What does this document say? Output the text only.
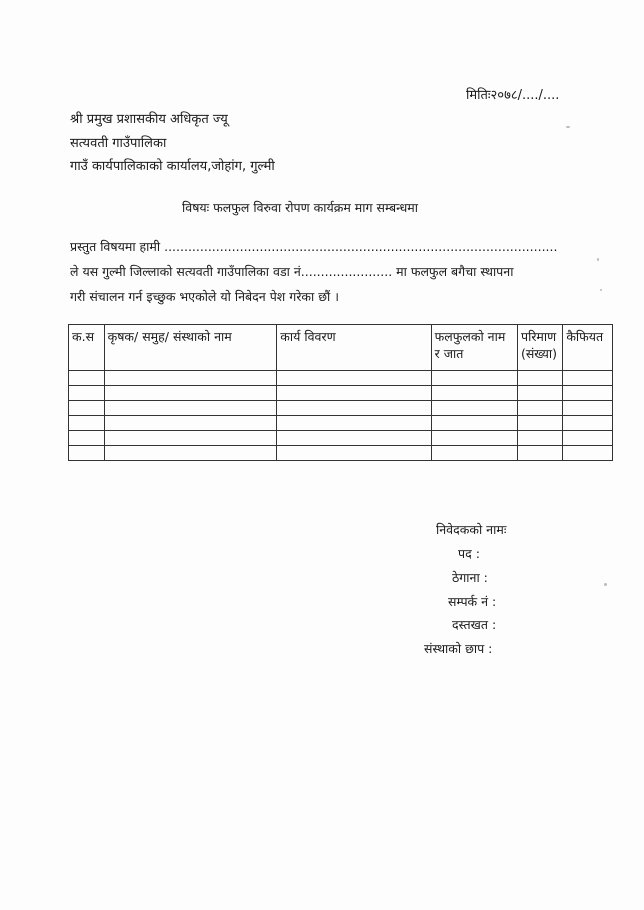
मितिः२०७८/..../....
श्री प्रमुख प्रशासकीय अधिकृत ज्यू
सत्यवती गाउँपालिका
गाउँ कार्यपालिकाको कार्यालय,जोहांग, गुल्मी
विषयः फलफुल विरुवा रोपण कार्यक्रम माग सम्बन्धमा
प्रस्तुत विषयमा हामी ...................................................................................................
ले यस गुल्मी जिल्लाको सत्यवती गाउँपालिका वडा नं....................... मा फलफुल बगैचा स्थापना
गरी संचालन गर्न इच्छुक भएकोले यो निबेदन पेश गरेका छौं ।
क.स	कृषक/ समुह/ संस्थाको नाम	कार्य विवरण	फलफुलको नाम र जात	परिमाण (संख्या)	कैफियत

निवेदकको नामः
पद :
ठेगाना :
सम्पर्क नं :
दस्तखत :
संस्थाको छाप :
